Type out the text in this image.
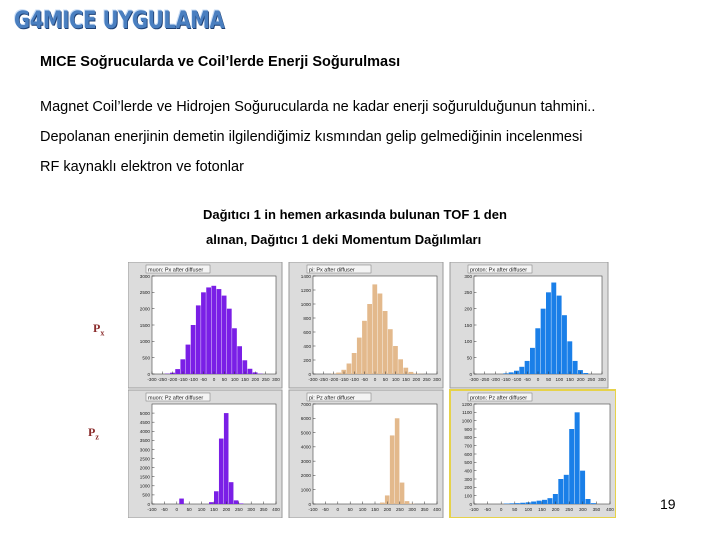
G4MICE UYGULAMA
MICE Soğrucularda ve Coil’lerde Enerji Soğurulması
Magnet Coil’lerde ve Hidrojen Soğurucularda ne kadar enerji soğurulduğunun tahmini..
Depolanan enerjinin demetin ilgilendiğimiz kısmından gelip gelmediğinin incelenmesi
RF kaynaklı elektron ve fotonlar
Dağıtıcı 1 in hemen arkasında bulunan TOF 1 den
alınan, Dağıtıcı 1 deki Momentum Dağılımları
$P_x$
$P_z$
muon: Px after diffuser
0
500
1000
1500
2000
2500
3000
-300 -250 -200 -150 -100 -50 0 50 100 150 200 250 300
pi: Px after diffuser
0
200
400
600
800
1000
1200
1400
-300 -250 -200 -150 -100 -50 0 50 100 150 200 250 300
proton: Px after diffuser
0
50
100
150
200
250
300
-300 -250 -200 -150 -100 -50 0 50 100 150 200 250 300
muon: Pz after diffuser
0
500
1000
1500
2000
2500
3000
3500
4000
4500
5000
-100 -50 0 50 100 150 200 250 300 350 400
pi: Pz after diffuser
0
1000
2000
3000
4000
5000
6000
7000
-100 -50 0 50 100 150 200 250 300 350 400
proton: Pz after diffuser
0
100
200
300
400
500
600
700
800
900
1000
1100
1200
-100 -50 0 50 100 150 200 250 300 350 400	19
